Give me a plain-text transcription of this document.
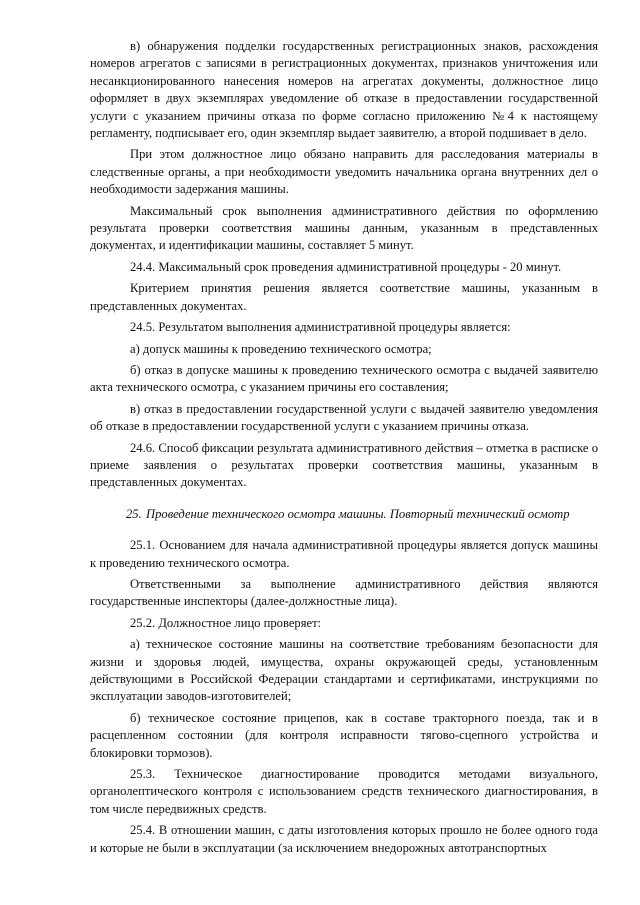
в) обнаружения подделки государственных регистрационных знаков, расхождения номеров агрегатов с записями в регистрационных документах, признаков уничтожения или несанкционированного нанесения номеров на агрегатах документы, должностное лицо оформляет в двух экземплярах уведомление об отказе в предоставлении государственной услуги с указанием причины отказа по форме согласно приложению №4 к настоящему регламенту, подписывает его, один экземпляр выдает заявителю, а второй подшивает в дело.

При этом должностное лицо обязано направить для расследования материалы в следственные органы, а при необходимости уведомить начальника органа внутренних дел о необходимости задержания машины.

Максимальный срок выполнения административного действия по оформлению результата проверки соответствия машины данным, указанным в представленных документах, и идентификации машины, составляет 5 минут.

24.4. Максимальный срок проведения административной процедуры - 20 минут.

Критерием принятия решения является соответствие машины, указанным в представленных документах.

24.5. Результатом выполнения административной процедуры является:

а) допуск машины к проведению технического осмотра;

б) отказ в допуске машины к проведению технического осмотра с выдачей заявителю акта технического осмотра, с указанием причины его составления;

в) отказ в предоставлении государственной услуги с выдачей заявителю уведомления об отказе в предоставлении государственной услуги с указанием причины отказа.

24.6. Способ фиксации результата административного действия – отметка в расписке о приеме заявления о результатах проверки соответствия машины, указанным в представленных документах.

25. Проведение технического осмотра машины. Повторный технический осмотр

25.1. Основанием для начала административной процедуры является допуск машины к проведению технического осмотра.

Ответственными за выполнение административного действия являются государственные инспекторы (далее-должностные лица).

25.2. Должностное лицо проверяет:

а) техническое состояние машины на соответствие требованиям безопасности для жизни и здоровья людей, имущества, охраны окружающей среды, установленным действующими в Российской Федерации стандартами и сертификатами, инструкциями по эксплуатации заводов-изготовителей;

б) техническое состояние прицепов, как в составе тракторного поезда, так и в расцепленном состоянии (для контроля исправности тягово-сцепного устройства и блокировки тормозов).

25.3. Техническое диагностирование проводится методами визуального, органолептического контроля с использованием средств технического диагностирования, в том числе передвижных средств.

25.4. В отношении машин, с даты изготовления которых прошло не более одного года и которые не были в эксплуатации (за исключением внедорожных автотранспортных
